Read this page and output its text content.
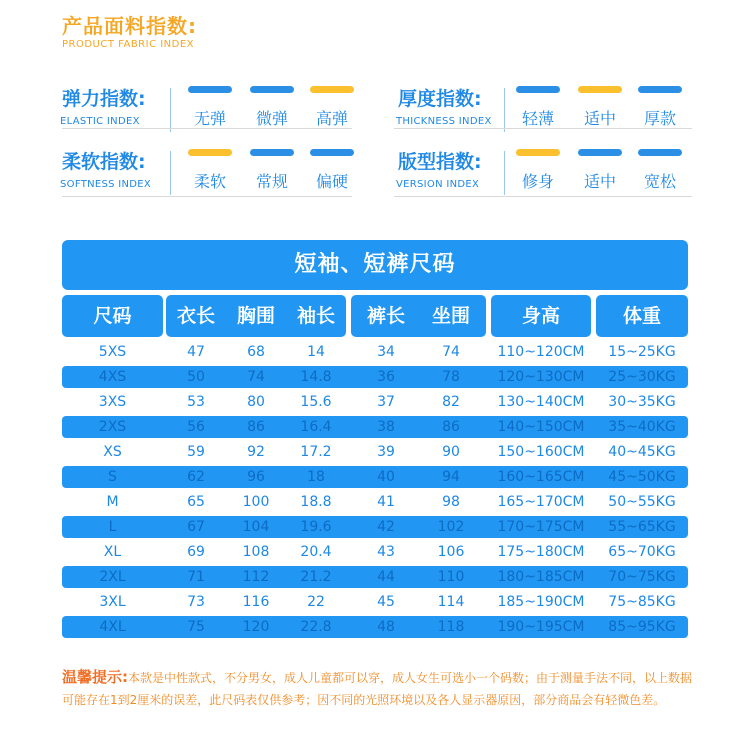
产品面料指数:
PRODUCT FABRIC INDEX
弹力指数:
ELASTIC INDEX	无弹	微弹	高弹
厚度指数:
THICKNESS INDEX	轻薄	适中	厚款
柔软指数:
SOFTNESS INDEX	柔软	常规	偏硬
版型指数:
VERSION INDEX	修身	适中	宽松
短袖、短裤尺码
尺码	衣长	胸围	袖长	裤长	坐围	身高	体重
5XS	47	68	14	34	74	110~120CM	15~25KG
4XS	50	74	14.8	36	78	120~130CM	25~30KG
3XS	53	80	15.6	37	82	130~140CM	30~35KG
2XS	56	86	16.4	38	86	140~150CM	35~40KG
XS	59	92	17.2	39	90	150~160CM	40~45KG
S	62	96	18	40	94	160~165CM	45~50KG
M	65	100	18.8	41	98	165~170CM	50~55KG
L	67	104	19.6	42	102	170~175CM	55~65KG
XL	69	108	20.4	43	106	175~180CM	65~70KG
2XL	71	112	21.2	44	110	180~185CM	70~75KG
3XL	73	116	22	45	114	185~190CM	75~85KG
4XL	75	120	22.8	48	118	190~195CM	85~95KG
温馨提示:本款是中性款式，不分男女，成人儿童都可以穿，成人女生可选小一个码数；由于测量手法不同，以上数据可能存在1到2厘米的误差，此尺码表仅供参考；因不同的光照环境以及各人显示器原因，部分商品会有轻微色差。
